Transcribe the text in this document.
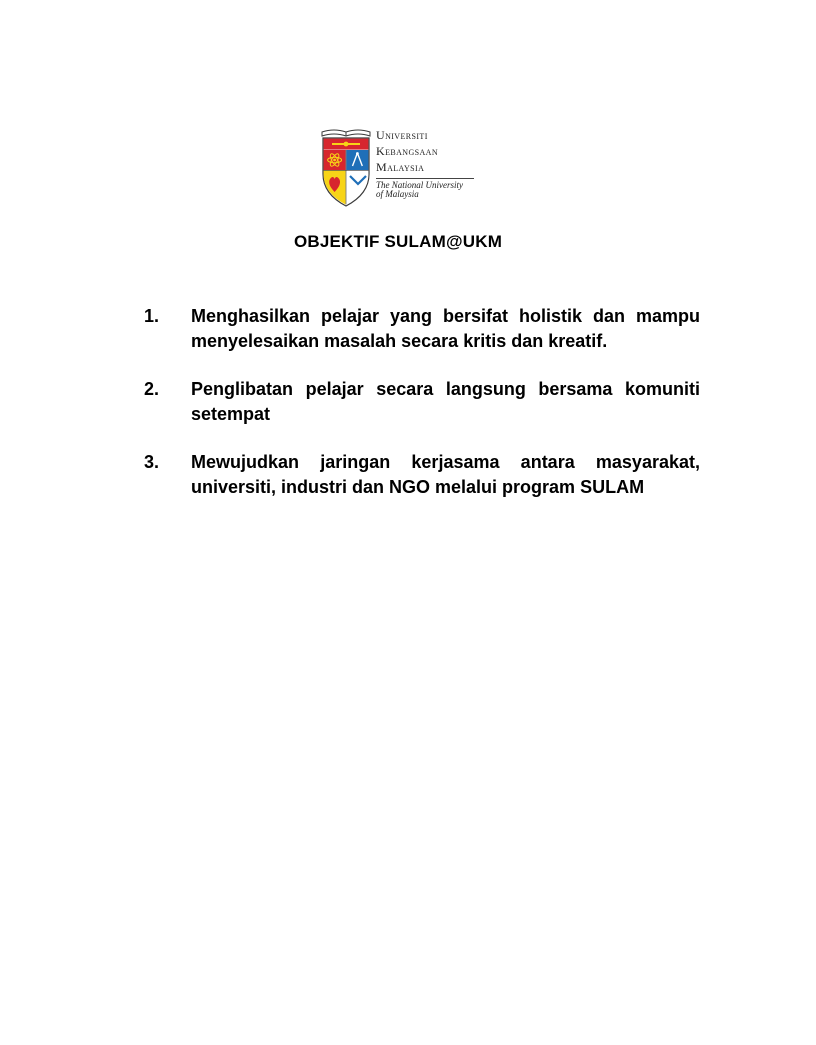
Universiti
Kebangsaan
Malaysia
The National University
of Malaysia
OBJEKTIF SULAM@UKM
1. Menghasilkan pelajar yang bersifat holistik dan mampu menyelesaikan masalah secara kritis dan kreatif.
2. Penglibatan pelajar secara langsung bersama komuniti setempat
3. Mewujudkan jaringan kerjasama antara masyarakat, universiti, industri dan NGO melalui program SULAM
